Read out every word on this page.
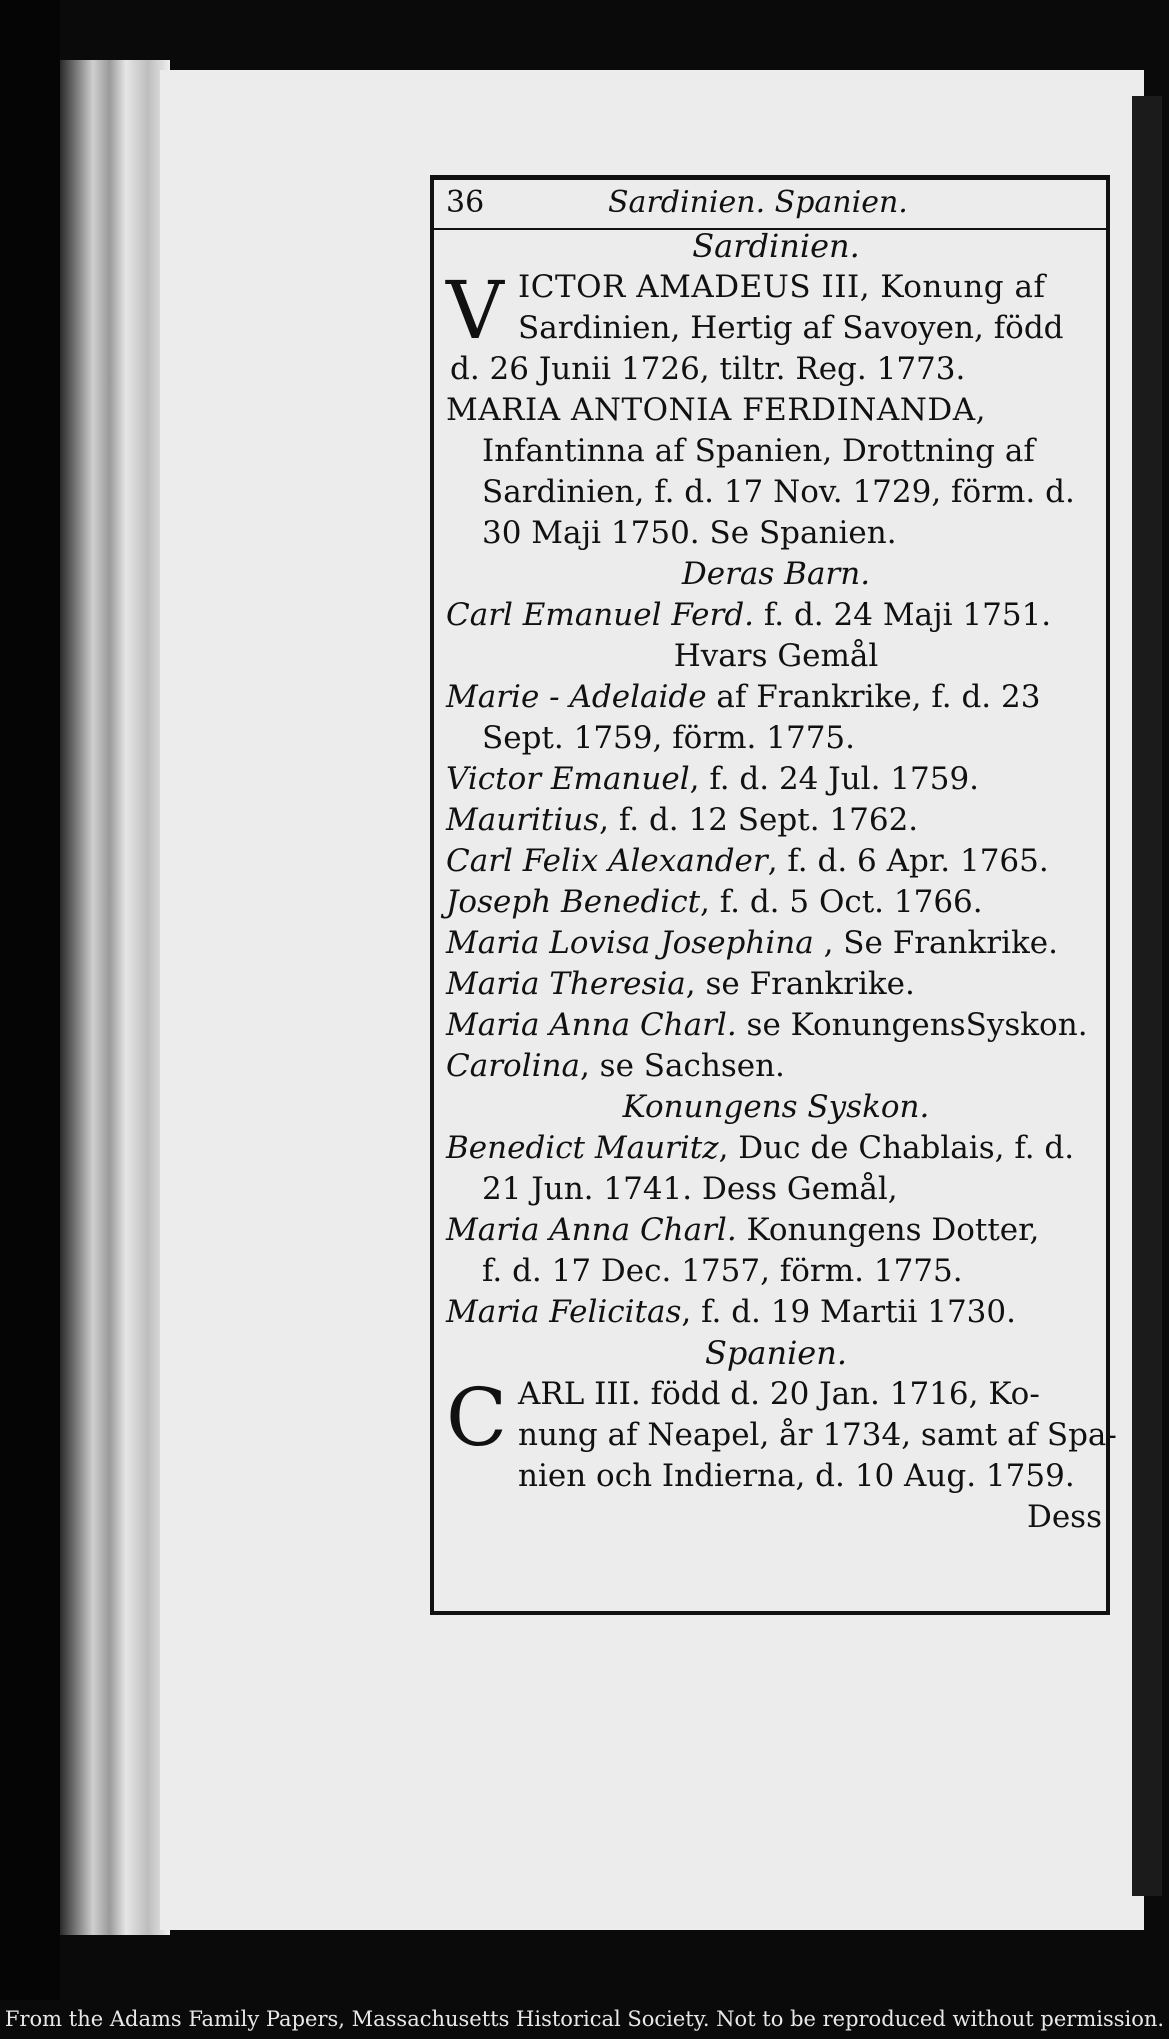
36	Sardinien. Spanien.
Sardinien.
V ICTOR AMADEUS III, Konung af
Sardinien, Hertig af Savoyen, född
d. 26 Junii 1726, tiltr. Reg. 1773.
MARIA ANTONIA FERDINANDA,
Infantinna af Spanien, Drottning af
Sardinien, f. d. 17 Nov. 1729, förm. d.
30 Maji 1750. Se Spanien.
Deras Barn.
Carl Emanuel Ferd. f. d. 24 Maji 1751.
Hvars Gemål
Marie - Adelaide af Frankrike, f. d. 23
Sept. 1759, förm. 1775.
Victor Emanuel, f. d. 24 Jul. 1759.
Mauritius, f. d. 12 Sept. 1762.
Carl Felix Alexander, f. d. 6 Apr. 1765.
Joseph Benedict, f. d. 5 Oct. 1766.
Maria Lovisa Josephina , Se Frankrike.
Maria Theresia, se Frankrike.
Maria Anna Charl. se KonungensSyskon.
Carolina, se Sachsen.
Konungens Syskon.
Benedict Mauritz, Duc de Chablais, f. d.
21 Jun. 1741. Dess Gemål,
Maria Anna Charl. Konungens Dotter,
f. d. 17 Dec. 1757, förm. 1775.
Maria Felicitas, f. d. 19 Martii 1730.
Spanien.
C ARL III. född d. 20 Jan. 1716, Ko-
nung af Neapel, år 1734, samt af Spa-
nien och Indierna, d. 10 Aug. 1759.
Dess
From the Adams Family Papers, Massachusetts Historical Society. Not to be reproduced without permission.
